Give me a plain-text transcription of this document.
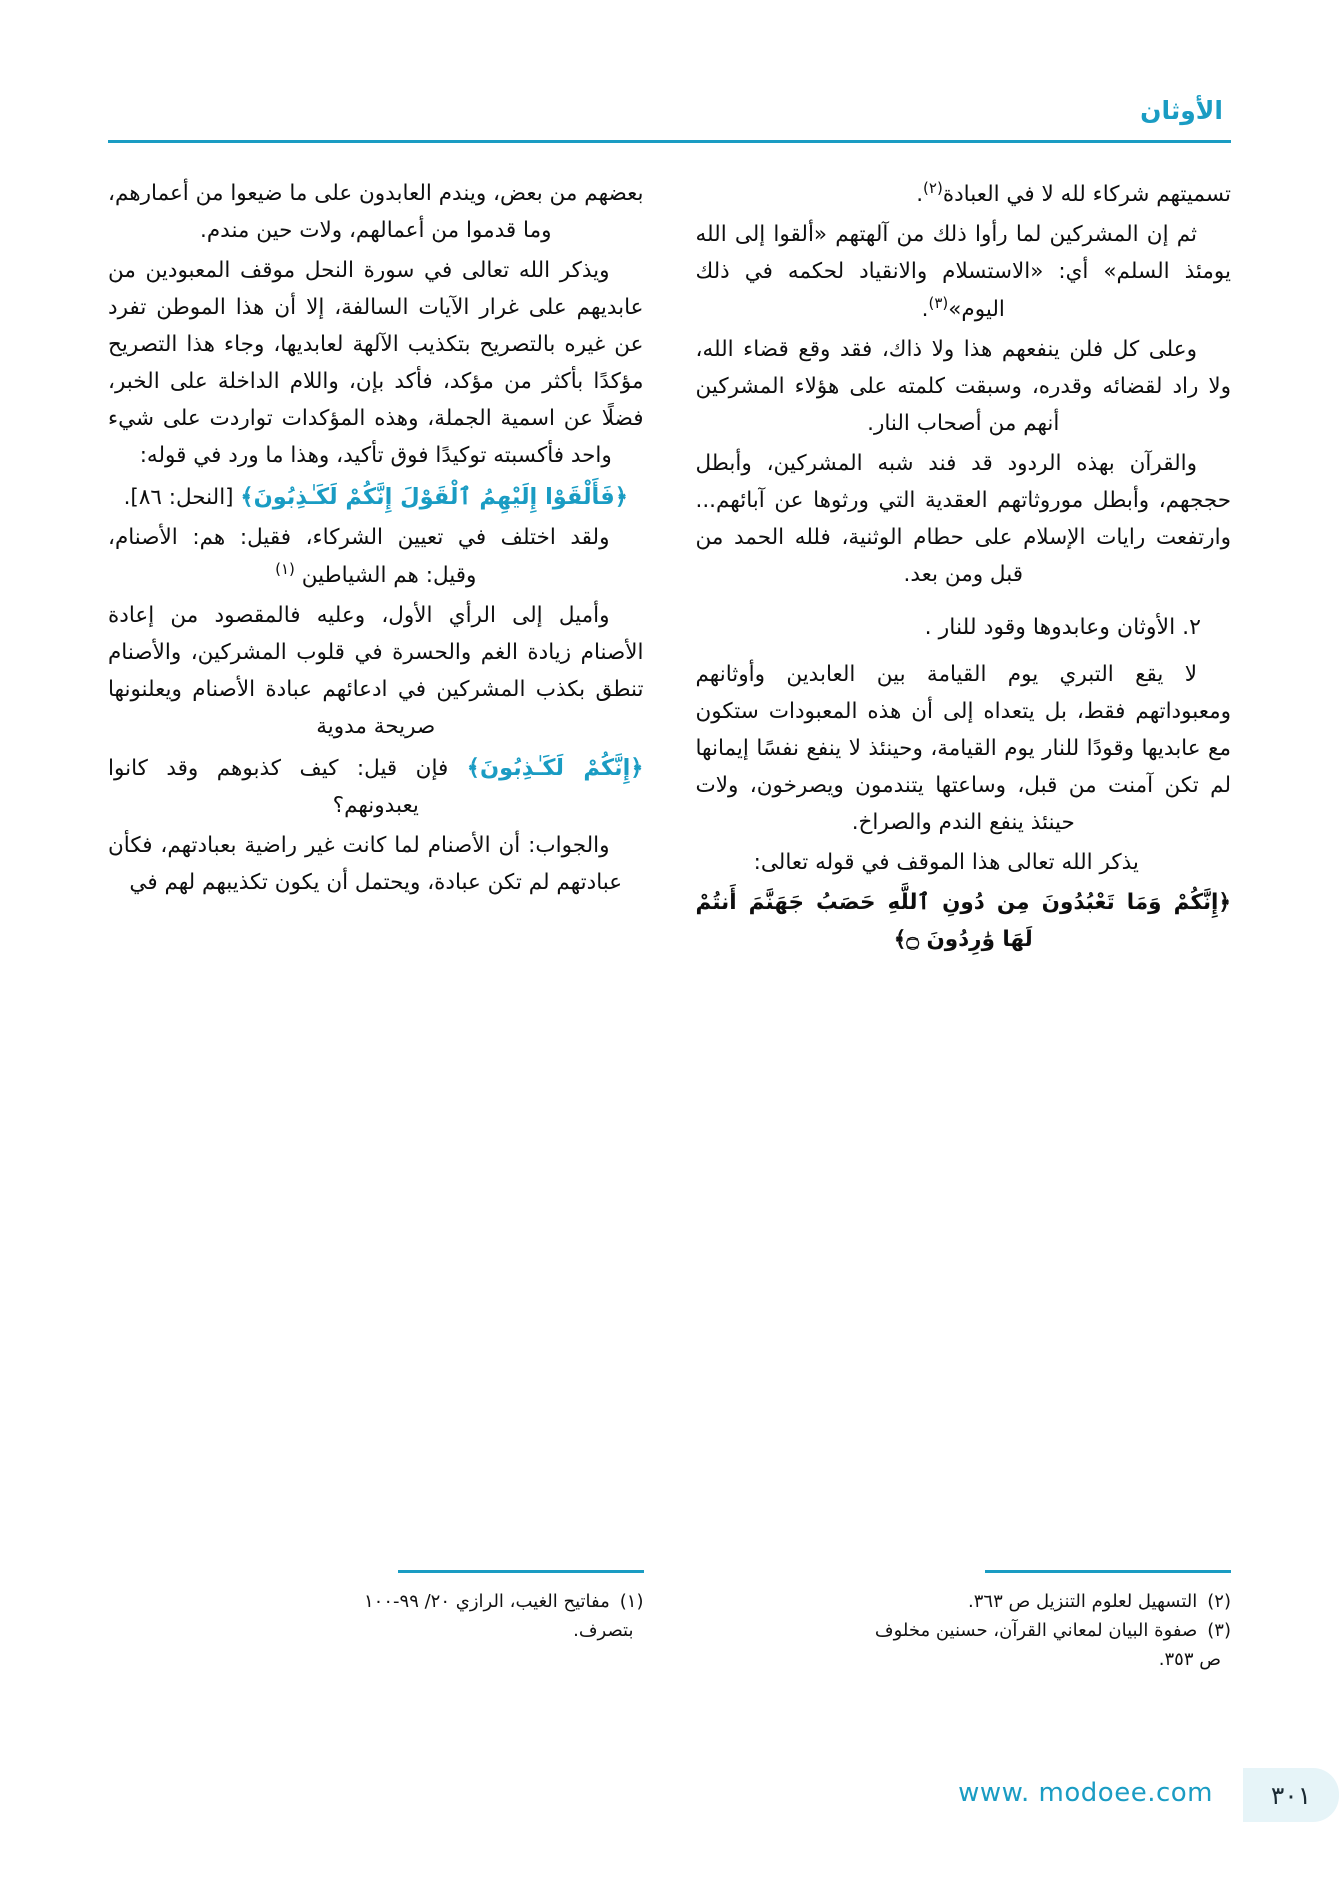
الأوثان

تسميتهم شركاء لله لا في العبادة$^{(٢)}$.

ثم إن المشركين لما رأوا ذلك من آلهتهم «ألقوا إلى الله يومئذ السلم» أي: «الاستسلام والانقياد لحكمه في ذلك اليوم»$^{(٣)}$.

وعلى كل فلن ينفعهم هذا ولا ذاك، فقد وقع قضاء الله، ولا راد لقضائه وقدره، وسبقت كلمته على هؤلاء المشركين أنهم من أصحاب النار.

والقرآن بهذه الردود قد فند شبه المشركين، وأبطل حججهم، وأبطل موروثاتهم العقدية التي ورثوها عن آبائهم... وارتفعت رايات الإسلام على حطام الوثنية، فلله الحمد من قبل ومن بعد.

٢. الأوثان وعابدوها وقود للنار .

لا يقع التبري يوم القيامة بين العابدين وأوثانهم ومعبوداتهم فقط، بل يتعداه إلى أن هذه المعبودات ستكون مع عابديها وقودًا للنار يوم القيامة، وحينئذ لا ينفع نفسًا إيمانها لم تكن آمنت من قبل، وساعتها يتندمون ويصرخون، ولات حينئذ ينفع الندم والصراخ.

يذكر الله تعالى هذا الموقف في قوله تعالى:

﴿إِنَّكُمْ وَمَا تَعْبُدُونَ مِن دُونِ ٱللَّهِ حَصَبُ جَهَنَّمَ أَنتُمْ لَهَا وَٰرِدُونَ ۝﴾

بعضهم من بعض، ويندم العابدون على ما ضيعوا من أعمارهم، وما قدموا من أعمالهم، ولات حين مندم.

ويذكر الله تعالى في سورة النحل موقف المعبودين من عابديهم على غرار الآيات السالفة، إلا أن هذا الموطن تفرد عن غيره بالتصريح بتكذيب الآلهة لعابديها، وجاء هذا التصريح مؤكدًا بأكثر من مؤكد، فأكد بإن، واللام الداخلة على الخبر، فضلًا عن اسمية الجملة، وهذه المؤكدات تواردت على شيء واحد فأكسبته توكيدًا فوق تأكيد، وهذا ما ورد في قوله:

﴿فَأَلْقَوْا إِلَيْهِمُ ٱلْقَوْلَ إِنَّكُمْ لَكَـٰذِبُونَ﴾ [النحل: ٨٦].

ولقد اختلف في تعيين الشركاء، فقيل: هم: الأصنام، وقيل: هم الشياطين $^{(١)}$

وأميل إلى الرأي الأول، وعليه فالمقصود من إعادة الأصنام زيادة الغم والحسرة في قلوب المشركين، والأصنام تنطق بكذب المشركين في ادعائهم عبادة الأصنام ويعلنونها صريحة مدوية

﴿إِنَّكُمْ لَكَـٰذِبُونَ﴾ فإن قيل: كيف كذبوهم وقد كانوا يعبدونهم؟

والجواب: أن الأصنام لما كانت غير راضية بعبادتهم، فكأن عبادتهم لم تكن عبادة، ويحتمل أن يكون تكذيبهم لهم في

(٢)
التسهيل لعلوم التنزيل ص ٣٦٣.
(٣)
صفوة البيان لمعاني القرآن، حسنين مخلوف
ص ٣٥٣.
(١)
مفاتيح الغيب، الرازي ٢٠/ ٩٩-١٠٠
بتصرف.
٣٠١
www. modoee.com
